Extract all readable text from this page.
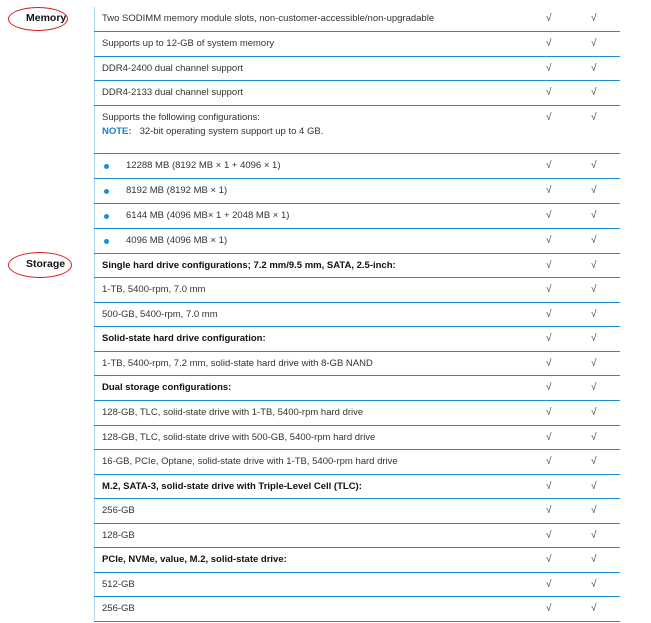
Memory
Storage
Two SODIMM memory module slots, non-customer-accessible/non-upgradable	√	√
Supports up to 12-GB of system memory	√	√
DDR4-2400 dual channel support	√	√
DDR4-2133 dual channel support	√	√
Supports the following configurations:	√	√
NOTE: 32-bit operating system support up to 4 GB.
12288 MB (8192 MB × 1 + 4096 × 1)	√	√
8192 MB (8192 MB × 1)	√	√
6144 MB (4096 MB× 1 + 2048 MB × 1)	√	√
4096 MB (4096 MB × 1)	√	√
Single hard drive configurations; 7.2 mm/9.5 mm, SATA, 2.5-inch:	√	√
1-TB, 5400-rpm, 7.0 mm	√	√
500-GB, 5400-rpm, 7.0 mm	√	√
Solid-state hard drive configuration:	√	√
1-TB, 5400-rpm, 7.2 mm, solid-state hard drive with 8-GB NAND	√	√
Dual storage configurations:	√	√
128-GB, TLC, solid-state drive with 1-TB, 5400-rpm hard drive	√	√
128-GB, TLC, solid-state drive with 500-GB, 5400-rpm hard drive	√	√
16-GB, PCIe, Optane, solid-state drive with 1-TB, 5400-rpm hard drive	√	√
M.2, SATA-3, solid-state drive with Triple-Level Cell (TLC):	√	√
256-GB	√	√
128-GB	√	√
PCIe, NVMe, value, M.2, solid-state drive:	√	√
512-GB	√	√
256-GB	√	√
